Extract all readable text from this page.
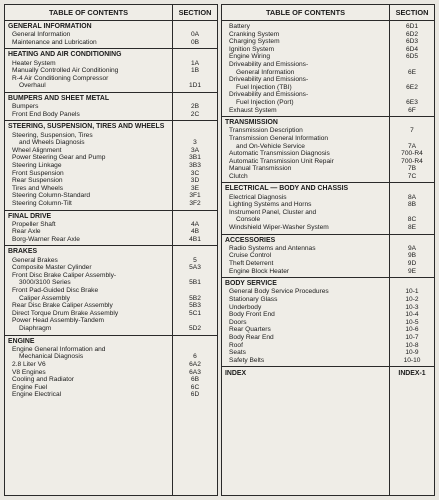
TABLE OF CONTENTS	SECTION
GENERAL INFORMATION
General Information	0A
Maintenance and Lubrication	0B
HEATING AND AIR CONDITIONING
Heater System	1A
Manually Controlled Air Conditioning	1B
R-4 Air Conditioning Compressor
Overhaul	1D1
BUMPERS AND SHEET METAL
Bumpers	2B
Front End Body Panels	2C
STEERING, SUSPENSION, TIRES AND WHEELS
Steering, Suspension, Tires
and Wheels Diagnosis	3
Wheel Alignment	3A
Power Steering Gear and Pump	3B1
Steering Linkage	3B3
Front Suspension	3C
Rear Suspension	3D
Tires and Wheels	3E
Steering Column-Standard	3F1
Steering Column-Tilt	3F2
FINAL DRIVE
Propeller Shaft	4A
Rear Axle	4B
Borg-Warner Rear Axle	4B1
BRAKES
General Brakes	5
Composite Master Cylinder	5A3
Front Disc Brake Caliper Assembly-
3000/3100 Series	5B1
Front Pad-Guided Disc Brake
Caliper Assembly	5B2
Rear Disc Brake Caliper Assembly	5B3
Direct Torque Drum Brake Assembly	5C1
Power Head Assembly-Tandem
Diaphragm	5D2
ENGINE
Engine General Information and
Mechanical Diagnosis	6
2.8 Liter V6	6A2
V8 Engines	6A3
Cooling and Radiator	6B
Engine Fuel	6C
Engine Electrical	6D
TABLE OF CONTENTS	SECTION
Battery	6D1
Cranking System	6D2
Charging System	6D3
Ignition System	6D4
Engine Wiring	6D5
Driveability and Emissions-
General Information	6E
Driveability and Emissions-
Fuel Injection (TBI)	6E2
Driveability and Emissions-
Fuel Injection (Port)	6E3
Exhaust System	6F
TRANSMISSION
Transmission Description	7
Transmission General Information
and On-Vehicle Service	7A
Automatic Transmission Diagnosis	700-R4
Automatic Transmission Unit Repair	700-R4
Manual Transmission	7B
Clutch	7C
ELECTRICAL — BODY AND CHASSIS
Electrical Diagnosis	8A
Lighting Systems and Horns	8B
Instrument Panel, Cluster and
Console	8C
Windshield Wiper-Washer System	8E
ACCESSORIES
Radio Systems and Antennas	9A
Cruise Control	9B
Theft Deterrent	9D
Engine Block Heater	9E
BODY SERVICE
General Body Service Procedures	10-1
Stationary Glass	10-2
Underbody	10-3
Body Front End	10-4
Doors	10-5
Rear Quarters	10-6
Body Rear End	10-7
Roof	10-8
Seats	10-9
Safety Belts	10-10
INDEX	INDEX-1
